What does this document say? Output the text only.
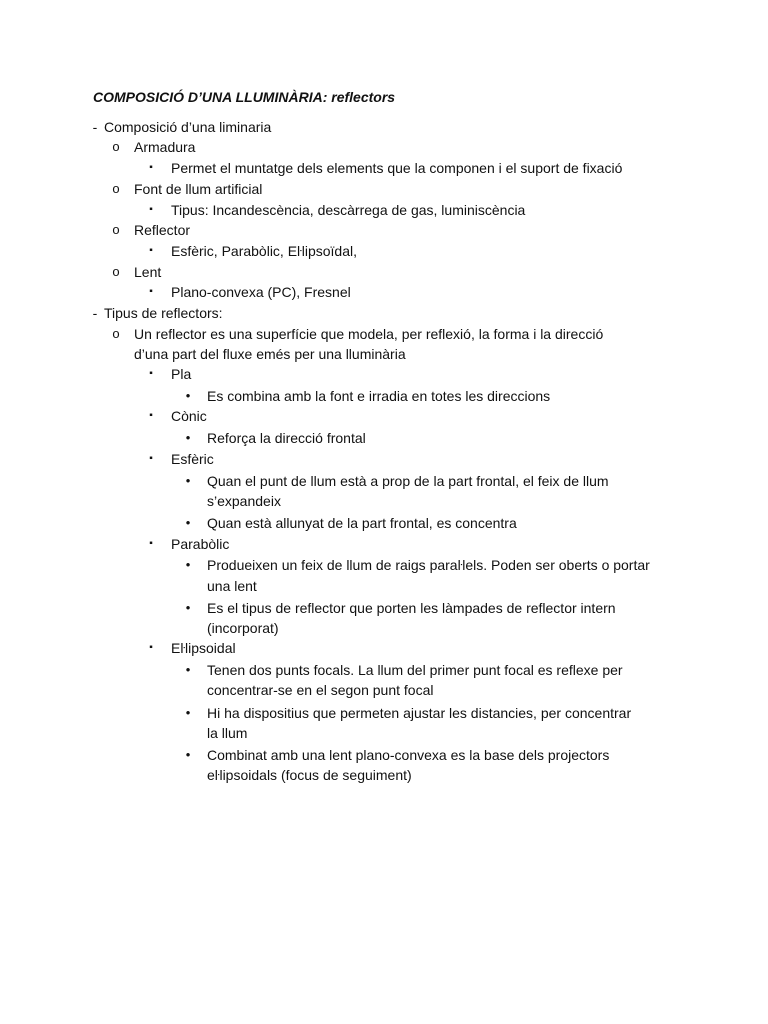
COMPOSICIÓ D’UNA LLUMINÀRIA: reflectors
-
o
▪
o
▪
o
▪
o
▪
-
o
▪
•
▪
•
▪
•
•
▪
•
•
▪
•
•
•
Composició d’una liminaria
Armadura
Permet el muntatge dels elements que la componen i el suport de fixació
Font de llum artificial
Tipus: Incandescència, descàrrega de gas, luminiscència
Reflector
Esfèric, Parabòlic, Eŀlipsoïdal,
Lent
Plano-convexa (PC), Fresnel
Tipus de reflectors:
Un reflector es una superfície que modela, per reflexió, la forma i la direcció
d’una part del fluxe emés per una lluminària
Pla
Es combina amb la font e irradia en totes les direccions
Cònic
Reforça la direcció frontal
Esfèric
Quan el punt de llum està a prop de la part frontal, el feix de llum
s’expandeix
Quan està allunyat de la part frontal, es concentra
Parabòlic
Produeixen un feix de llum de raigs paraŀlels. Poden ser oberts o portar
una lent
Es el tipus de reflector que porten les làmpades de reflector intern
(incorporat)
Eŀlipsoidal
Tenen dos punts focals. La llum del primer punt focal es reflexe per
concentrar-se en el segon punt focal
Hi ha dispositius que permeten ajustar les distancies, per concentrar
la llum
Combinat amb una lent plano-convexa es la base dels projectors
eŀlipsoidals (focus de seguiment)
